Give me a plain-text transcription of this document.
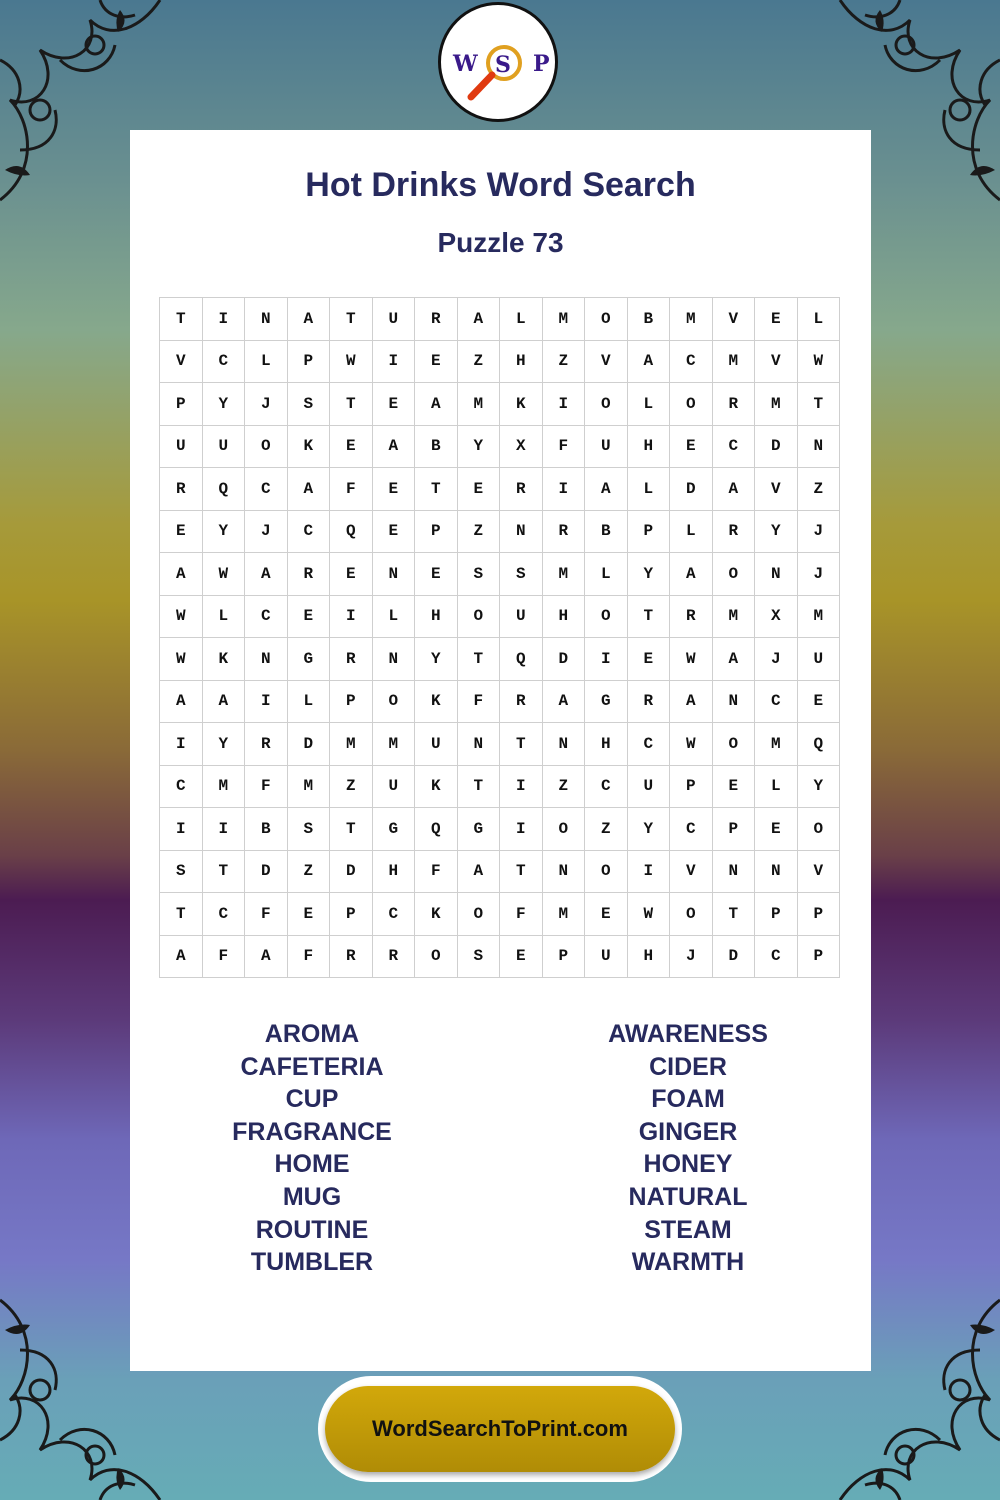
W S P
Hot Drinks Word Search
Puzzle 73
T	I	N	A	T	U	R	A	L	M	O	B	M	V	E	L
V	C	L	P	W	I	E	Z	H	Z	V	A	C	M	V	W
P	Y	J	S	T	E	A	M	K	I	O	L	O	R	M	T
U	U	O	K	E	A	B	Y	X	F	U	H	E	C	D	N
R	Q	C	A	F	E	T	E	R	I	A	L	D	A	V	Z
E	Y	J	C	Q	E	P	Z	N	R	B	P	L	R	Y	J
A	W	A	R	E	N	E	S	S	M	L	Y	A	O	N	J
W	L	C	E	I	L	H	O	U	H	O	T	R	M	X	M
W	K	N	G	R	N	Y	T	Q	D	I	E	W	A	J	U
A	A	I	L	P	O	K	F	R	A	G	R	A	N	C	E
I	Y	R	D	M	M	U	N	T	N	H	C	W	O	M	Q
C	M	F	M	Z	U	K	T	I	Z	C	U	P	E	L	Y
I	I	B	S	T	G	Q	G	I	O	Z	Y	C	P	E	O
S	T	D	Z	D	H	F	A	T	N	O	I	V	N	N	V
T	C	F	E	P	C	K	O	F	M	E	W	O	T	P	P
A	F	A	F	R	R	O	S	E	P	U	H	J	D	C	P
AROMA
CAFETERIA
CUP
FRAGRANCE
HOME
MUG
ROUTINE
TUMBLER
AWARENESS
CIDER
FOAM
GINGER
HONEY
NATURAL
STEAM
WARMTH
WordSearchToPrint.com
